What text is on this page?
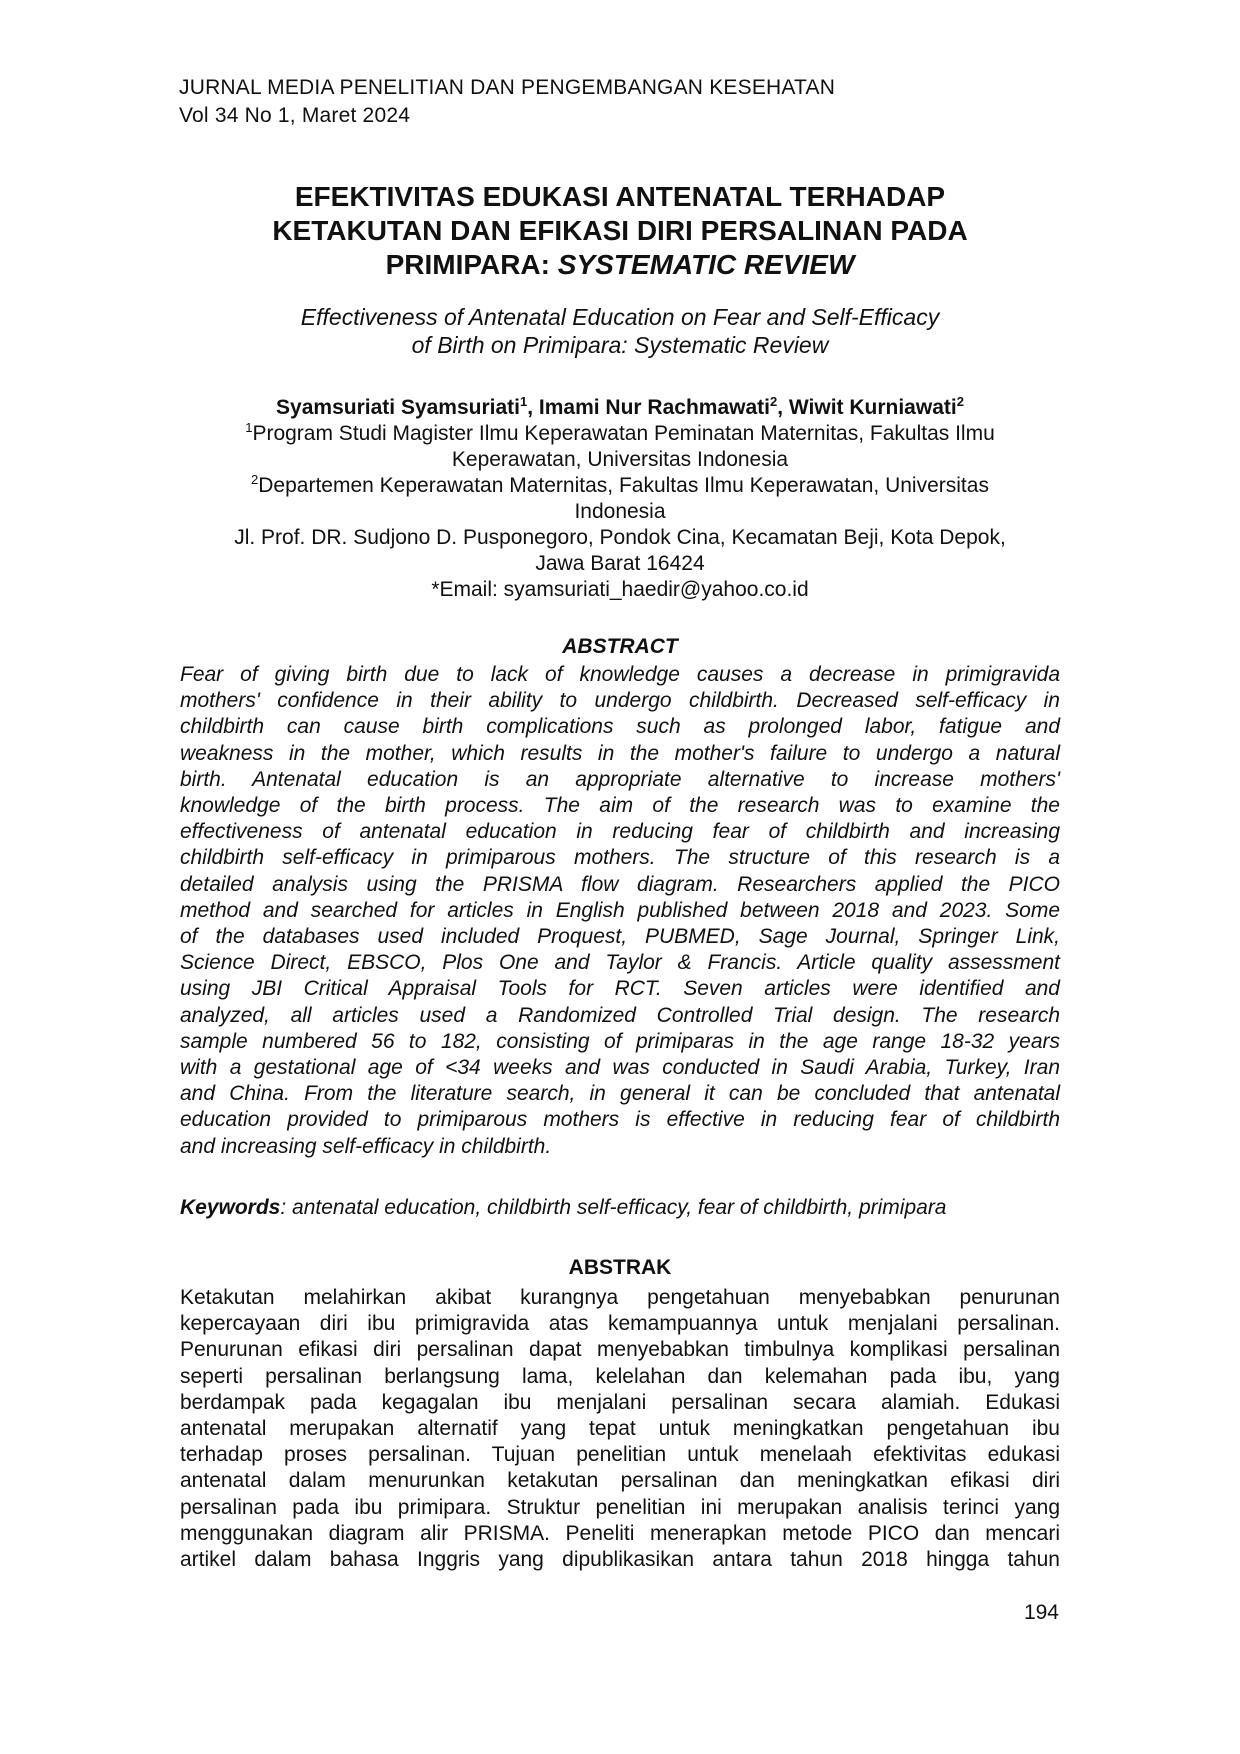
JURNAL MEDIA PENELITIAN DAN PENGEMBANGAN KESEHATAN
Vol 34 No 1, Maret 2024
EFEKTIVITAS EDUKASI ANTENATAL TERHADAP
KETAKUTAN DAN EFIKASI DIRI PERSALINAN PADA
PRIMIPARA: SYSTEMATIC REVIEW
Effectiveness of Antenatal Education on Fear and Self-Efficacy
of Birth on Primipara: Systematic Review
Syamsuriati Syamsuriati$^1$, Imami Nur Rachmawati$^2$, Wiwit Kurniawati$^2$
$^1$Program Studi Magister Ilmu Keperawatan Peminatan Maternitas, Fakultas Ilmu
Keperawatan, Universitas Indonesia
$^2$Departemen Keperawatan Maternitas, Fakultas Ilmu Keperawatan, Universitas
Indonesia
Jl. Prof. DR. Sudjono D. Pusponegoro, Pondok Cina, Kecamatan Beji, Kota Depok,
Jawa Barat 16424
*Email: syamsuriati_haedir@yahoo.co.id
ABSTRACT
Fear of giving birth due to lack of knowledge causes a decrease in primigravida
mothers' confidence in their ability to undergo childbirth. Decreased self-efficacy in
childbirth can cause birth complications such as prolonged labor, fatigue and
weakness in the mother, which results in the mother's failure to undergo a natural
birth. Antenatal education is an appropriate alternative to increase mothers'
knowledge of the birth process. The aim of the research was to examine the
effectiveness of antenatal education in reducing fear of childbirth and increasing
childbirth self-efficacy in primiparous mothers. The structure of this research is a
detailed analysis using the PRISMA flow diagram. Researchers applied the PICO
method and searched for articles in English published between 2018 and 2023. Some
of the databases used included Proquest, PUBMED, Sage Journal, Springer Link,
Science Direct, EBSCO, Plos One and Taylor & Francis. Article quality assessment
using JBI Critical Appraisal Tools for RCT. Seven articles were identified and
analyzed, all articles used a Randomized Controlled Trial design. The research
sample numbered 56 to 182, consisting of primiparas in the age range 18-32 years
with a gestational age of <34 weeks and was conducted in Saudi Arabia, Turkey, Iran
and China. From the literature search, in general it can be concluded that antenatal
education provided to primiparous mothers is effective in reducing fear of childbirth
and increasing self-efficacy in childbirth.
Keywords: antenatal education, childbirth self-efficacy, fear of childbirth, primipara
ABSTRAK
Ketakutan melahirkan akibat kurangnya pengetahuan menyebabkan penurunan
kepercayaan diri ibu primigravida atas kemampuannya untuk menjalani persalinan.
Penurunan efikasi diri persalinan dapat menyebabkan timbulnya komplikasi persalinan
seperti persalinan berlangsung lama, kelelahan dan kelemahan pada ibu, yang
berdampak pada kegagalan ibu menjalani persalinan secara alamiah. Edukasi
antenatal merupakan alternatif yang tepat untuk meningkatkan pengetahuan ibu
terhadap proses persalinan. Tujuan penelitian untuk menelaah efektivitas edukasi
antenatal dalam menurunkan ketakutan persalinan dan meningkatkan efikasi diri
persalinan pada ibu primipara. Struktur penelitian ini merupakan analisis terinci yang
menggunakan diagram alir PRISMA. Peneliti menerapkan metode PICO dan mencari
artikel dalam bahasa Inggris yang dipublikasikan antara tahun 2018 hingga tahun
194
